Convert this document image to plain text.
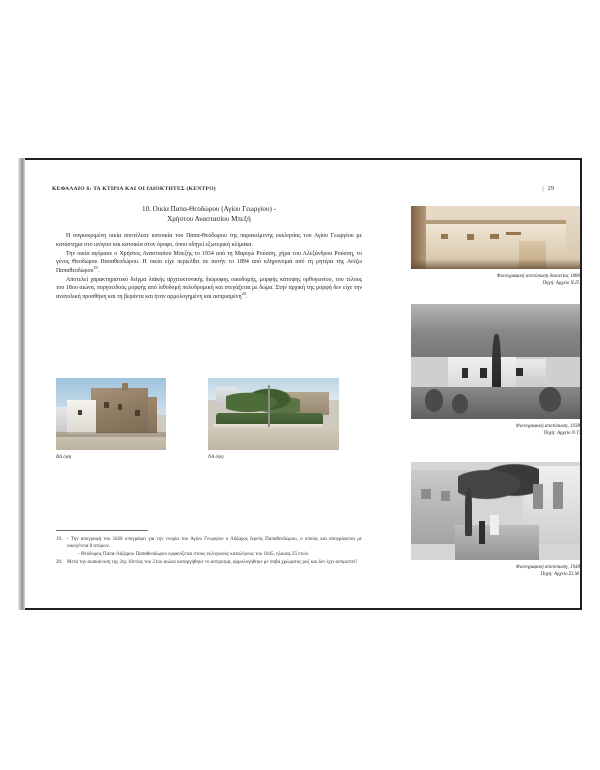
ΚΕΦΑΛΑΙΟ 6: ΤΑ ΚΤΙΡΙΑ ΚΑΙ ΟΙ ΙΔΙΟΚΤΗΤΕΣ (ΚΕΝΤΡΟ)	| 29
10. Οικία Παπα-Θεοδώρου (Αγίου Γεωργίου) -
Χρήστου Αναστασίου Μπεξή

Η συγκεκριμένη οικία αποτέλεσε κατοικία του Παπα-Θεόδωρου της παρακείμενης εκκλησίας του Αγίου Γεωργίου με κατάστημα στο ισόγειο και κατοικία στον όροφο, όπου οδηγεί εξωτερική κλίμακα.

Την οικία αγόρασε ο Χρήστος Αναστασίου Μπεξής το 1934 από τη Μαριγώ Ρούσση, χήρα του Αλεξάνδρου Ρούσση, το γένος Θεοδώρου Παπαθεοδώρου. Η οικία είχε περιέλθει σε αυτήν το 1894 από κληρονομιά από τη μητέρα της Ανέζω Παπαθεοδώρου$^{19}$.

Αποτελεί χαρακτηριστικό δείγμα λαϊκής αρχιτεκτονικής διώροφης οικοδομής, μορφής κάτοψης ορθογωνίου, του τέλους του 18ου αιώνα, πυργοειδούς μορφής από λιθοδομή πολυδρομική και στεγάζεται με δώμα. Στην αρχική της μορφή δεν είχε την ανατολική προσθήκη και τη βεράντα και ήταν αρμολογημένη και ασπρισμένη$^{20}$.

ΒΔ όψη	ΝΑ όψη
Φωτογραφική αποτύπωση δεκαετίας 1880
Πηγή: Αρχείο Ν.Π.
Φωτογραφική αποτύπωση, 1938
Πηγή: Αρχείο Ν.Τ.
Φωτογραφική αποτύπωση, 1948
Πηγή: Αρχείο Στ.Μ.
19. - Την απογραφή του 1828 υπογράφει για την ενορία του Αγίου Γεωργίου ο Λάζαρος Ιερεύς Παπαθεοδώρου, ο οποίος και απογράφεται με οικογένεια 8 ατόμων.
- Θεόδωρος Παπα-Λάζαρου Παπαθεοδώρου εμφανίζεται στους εκλογικούς καταλόγους του 1845, ηλικίας 25 ετών.
20. Μετά την ανακαίνιση της 2ης 10ετίας του 21ου αιώνα καταργήθηκε το ασπρισμα, αρμολογήθηκε με σοβά χρώματος ροζ και δεν έχει ασπριστεί!
